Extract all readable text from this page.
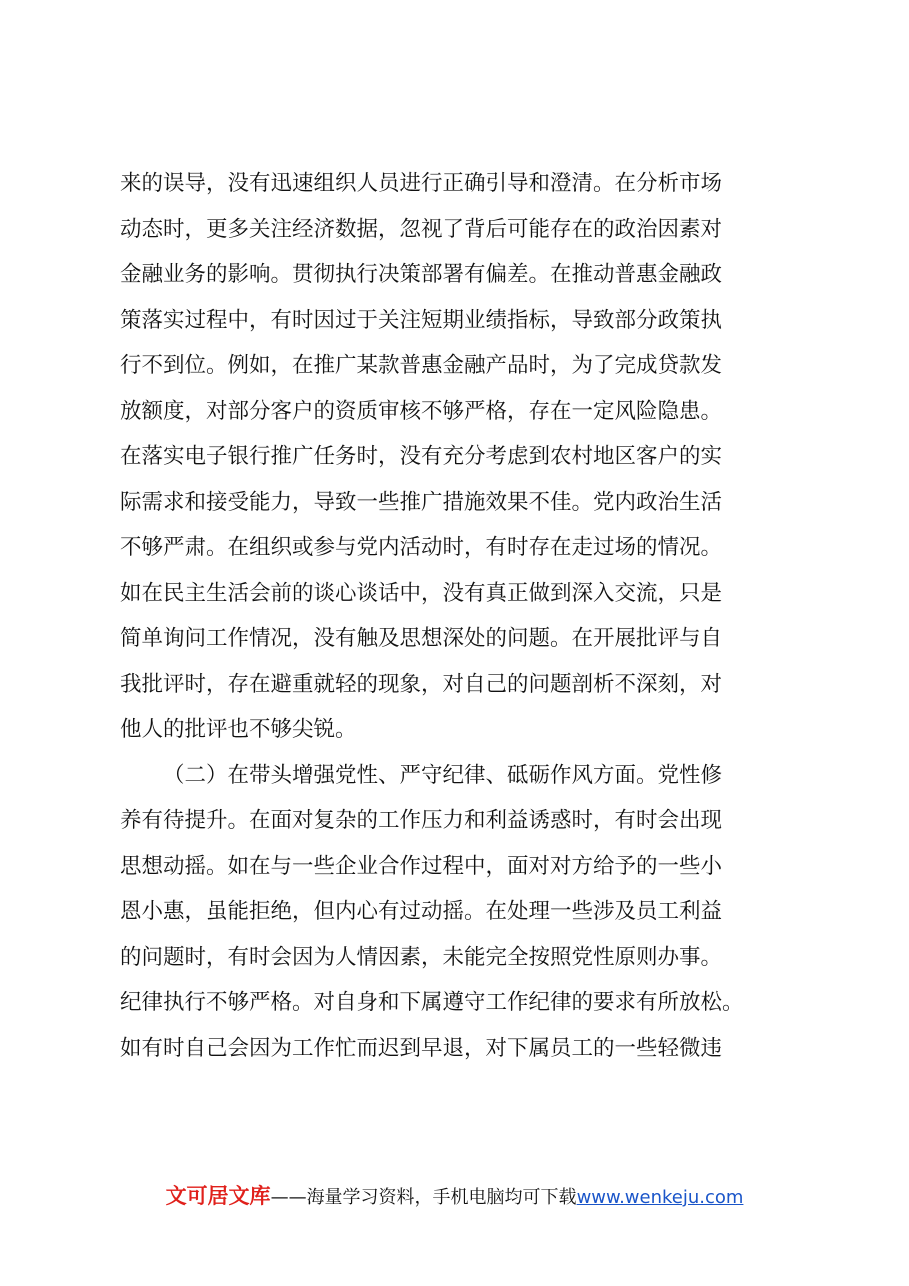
来的误导，没有迅速组织人员进行正确引导和澄清。在分析市场
动态时，更多关注经济数据，忽视了背后可能存在的政治因素对
金融业务的影响。贯彻执行决策部署有偏差。在推动普惠金融政
策落实过程中，有时因过于关注短期业绩指标，导致部分政策执
行不到位。例如，在推广某款普惠金融产品时，为了完成贷款发
放额度，对部分客户的资质审核不够严格，存在一定风险隐患。
在落实电子银行推广任务时，没有充分考虑到农村地区客户的实
际需求和接受能力，导致一些推广措施效果不佳。党内政治生活
不够严肃。在组织或参与党内活动时，有时存在走过场的情况。
如在民主生活会前的谈心谈话中，没有真正做到深入交流，只是
简单询问工作情况，没有触及思想深处的问题。在开展批评与自
我批评时，存在避重就轻的现象，对自己的问题剖析不深刻，对
他人的批评也不够尖锐。
（二）在带头增强党性、严守纪律、砥砺作风方面。党性修
养有待提升。在面对复杂的工作压力和利益诱惑时，有时会出现
思想动摇。如在与一些企业合作过程中，面对对方给予的一些小
恩小惠，虽能拒绝，但内心有过动摇。在处理一些涉及员工利益
的问题时，有时会因为人情因素，未能完全按照党性原则办事。
纪律执行不够严格。对自身和下属遵守工作纪律的要求有所放松。
如有时自己会因为工作忙而迟到早退，对下属员工的一些轻微违
文可居文库——海量学习资料，手机电脑均可下载www.wenkeju.com
